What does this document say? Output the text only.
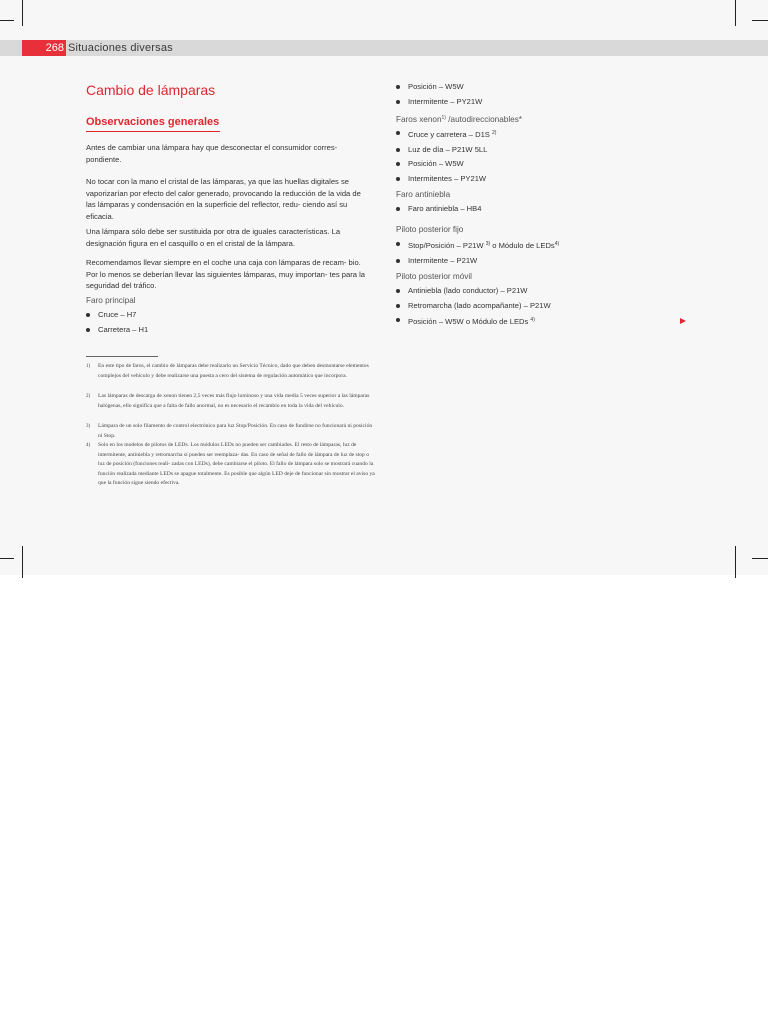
268 Situaciones diversas
Cambio de lámparas
Observaciones generales
Antes de cambiar una lámpara hay que desconectar el consumidor corres- pondiente.
No tocar con la mano el cristal de las lámparas, ya que las huellas digitales se vaporizarían por efecto del calor generado, provocando la reducción de la vida de las lámparas y condensación en la superficie del reflector, redu- ciendo así su eficacia.
Una lámpara sólo debe ser sustituida por otra de iguales características. La designación figura en el casquillo o en el cristal de la lámpara.
Recomendamos llevar siempre en el coche una caja con lámparas de recam- bio. Por lo menos se deberían llevar las siguientes lámparas, muy importan- tes para la seguridad del tráfico.
Faro principal
Cruce – H7
Carretera – H1
1) En este tipo de faros, el cambio de lámparas debe realizarlo un Servicio Técnico, dado que deben desmontarse elementos complejos del vehículo y debe realizarse una puesta a cero del sistema de regulación automático que incorpora.
2) Las lámparas de descarga de xenon tienen 2,5 veces más flujo luminoso y una vida media 5 veces superior a las lámparas halógenas, ello significa que a falta de fallo anormal, no es necesario el recambio en toda la vida del vehículo.
3) Lámpara de un solo filamento de control electrónico para luz Stop/Posición. En caso de fundirse no funcionará ni posición ni Stop.
4) Solo en los modelos de pilotos de LEDs. Los módulos LEDs no pueden ser cambiados. El resto de lámparas, luz de intermitente, antiniebla y retromarcha sí pueden ser reemplaza- das. En caso de señal de fallo de lámpara de luz de stop o luz de posición (funciones reali- zadas con LEDs), debe cambiarse el piloto. El fallo de lámpara solo se mostrará cuando la función realizada mediante LEDs se apague totalmente. Es posible que algún LED deje de funcionar sin mostrar el aviso ya que la función sigue siendo efectiva.
Posición – W5W
Intermitente – PY21W
Faros xenon$^{1)}$ /autodireccionables*
Cruce y carretera – D1S $^{2)}$
Luz de día – P21W 5LL
Posición – W5W
Intermitentes – PY21W
Faro antiniebla
Faro antiniebla – HB4
Piloto posterior fijo
Stop/Posición – P21W $^{3)}$ o Módulo de LEDs$^{4)}$
Intermitente – P21W
Piloto posterior móvil
Antiniebla (lado conductor) – P21W
Retromarcha (lado acompañante) – P21W
Posición – W5W o Módulo de LEDs $^{4)}$
